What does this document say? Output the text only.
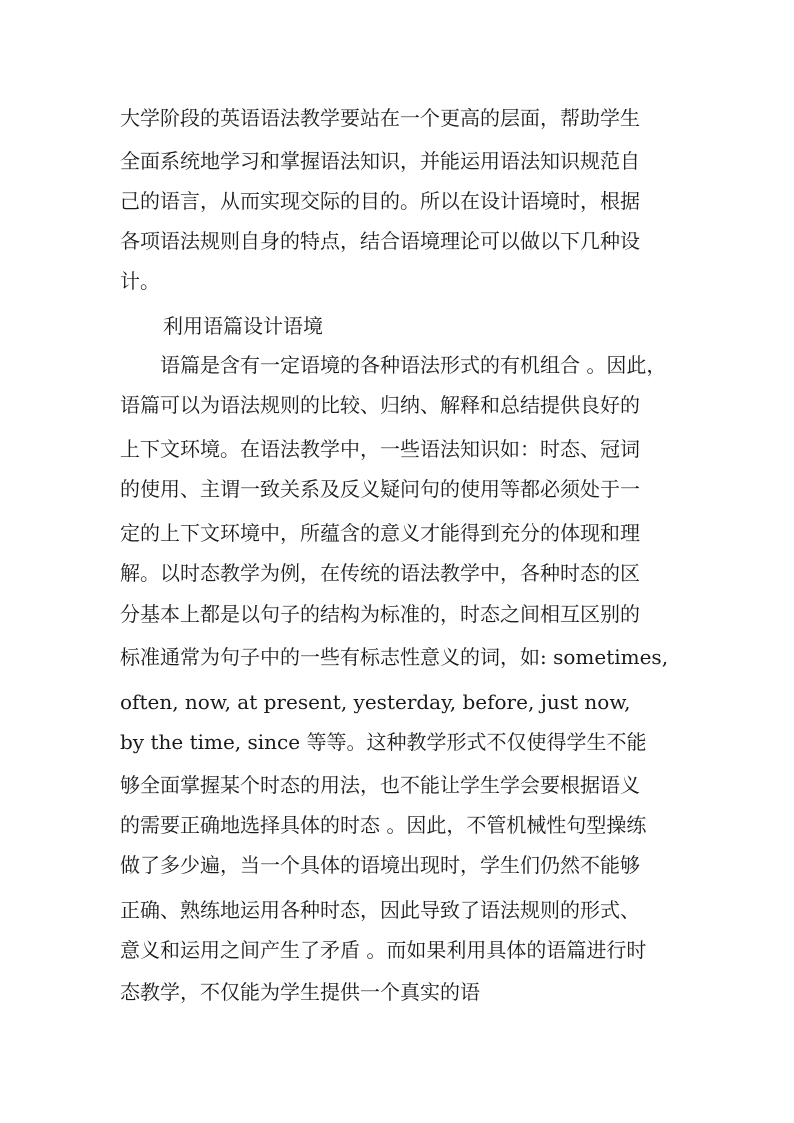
大学阶段的英语语法教学要站在一个更高的层面，帮助学生
全面系统地学习和掌握语法知识，并能运用语法知识规范自
己的语言，从而实现交际的目的。所以在设计语境时，根据
各项语法规则自身的特点，结合语境理论可以做以下几种设
计。
利用语篇设计语境
语篇是含有一定语境的各种语法形式的有机组合 。因此，
语篇可以为语法规则的比较、归纳、解释和总结提供良好的
上下文环境。在语法教学中，一些语法知识如：时态、冠词
的使用、主谓一致关系及反义疑问句的使用等都必须处于一
定的上下文环境中，所蕴含的意义才能得到充分的体现和理
解。以时态教学为例，在传统的语法教学中，各种时态的区
分基本上都是以句子的结构为标准的，时态之间相互区别的
标准通常为句子中的一些有标志性意义的词，如: sometimes,
often, now, at present, yesterday, before, just now,
by the time, since 等等。这种教学形式不仅使得学生不能
够全面掌握某个时态的用法，也不能让学生学会要根据语义
的需要正确地选择具体的时态 。因此，不管机械性句型操练
做了多少遍，当一个具体的语境出现时，学生们仍然不能够
正确、熟练地运用各种时态，因此导致了语法规则的形式、
意义和运用之间产生了矛盾 。而如果利用具体的语篇进行时
态教学，不仅能为学生提供一个真实的语
